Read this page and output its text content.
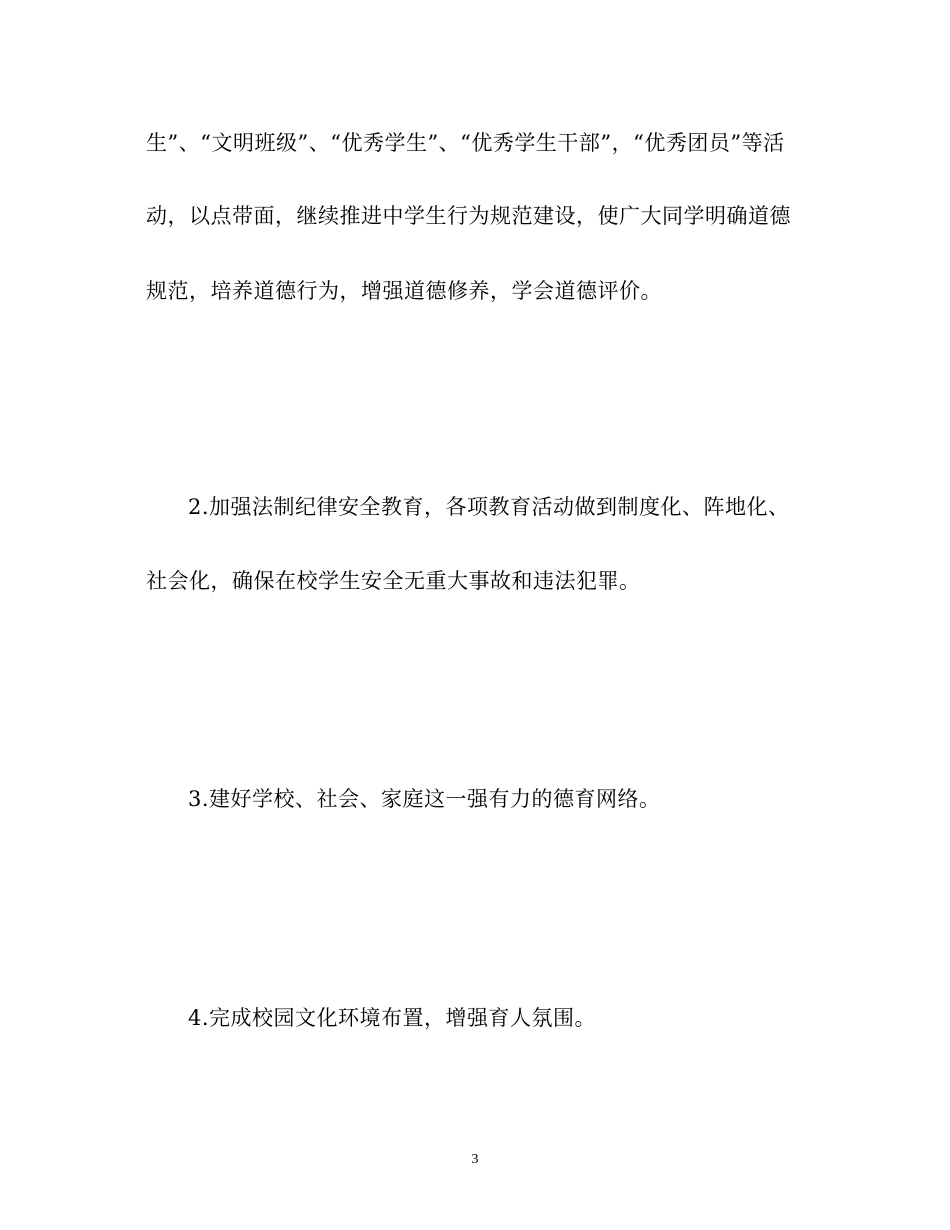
生”、“文明班级”、“优秀学生”、“优秀学生干部”，“优秀团员”等活

动，以点带面，继续推进中学生行为规范建设，使广大同学明确道德

规范，培养道德行为，增强道德修养，学会道德评价。

2.加强法制纪律安全教育，各项教育活动做到制度化、阵地化、

社会化，确保在校学生安全无重大事故和违法犯罪。

3.建好学校、社会、家庭这一强有力的德育网络。

4.完成校园文化环境布置，增强育人氛围。

3
